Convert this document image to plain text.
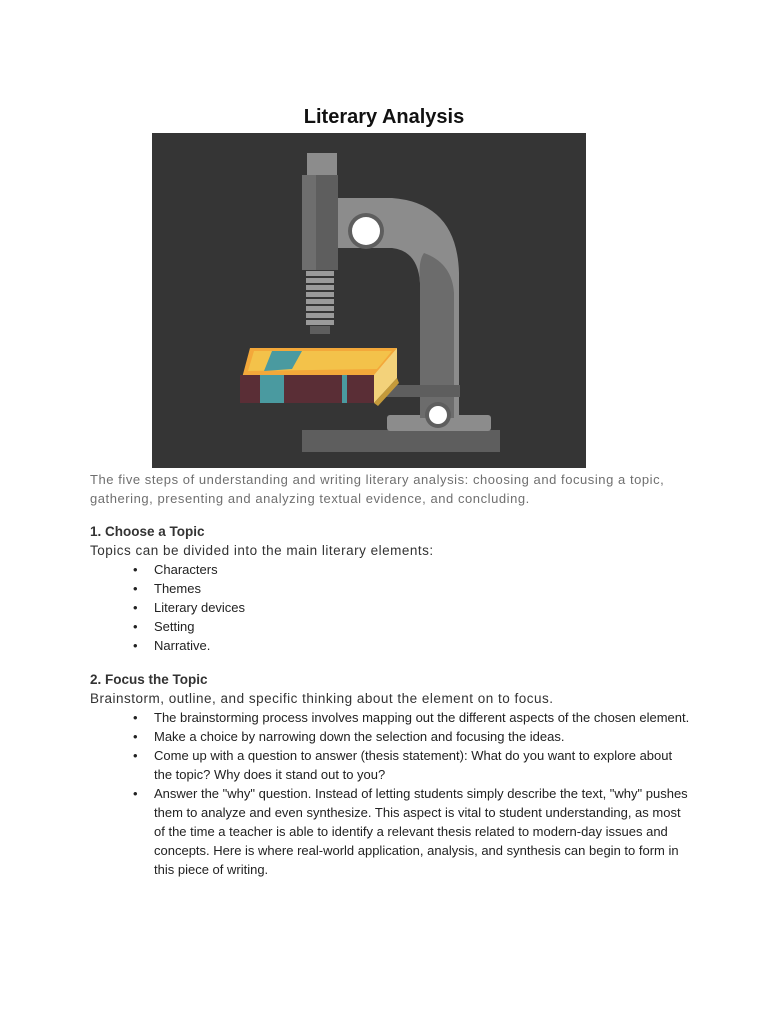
Literary Analysis

The five steps of understanding and writing literary analysis: choosing and focusing a topic, gathering, presenting and analyzing textual evidence, and concluding.

1. Choose a Topic

Topics can be divided into the main literary elements:

• Characters
• Themes
• Literary devices
• Setting
• Narrative.

2. Focus the Topic

Brainstorm, outline, and specific thinking about the element on to focus.

• The brainstorming process involves mapping out the different aspects of the chosen element.
• Make a choice by narrowing down the selection and focusing the ideas.
• Come up with a question to answer (thesis statement): What do you want to explore about the topic? Why does it stand out to you?
• Answer the "why" question. Instead of letting students simply describe the text, "why" pushes them to analyze and even synthesize. This aspect is vital to student understanding, as most of the time a teacher is able to identify a relevant thesis related to modern-day issues and concepts. Here is where real-world application, analysis, and synthesis can begin to form in this piece of writing.
